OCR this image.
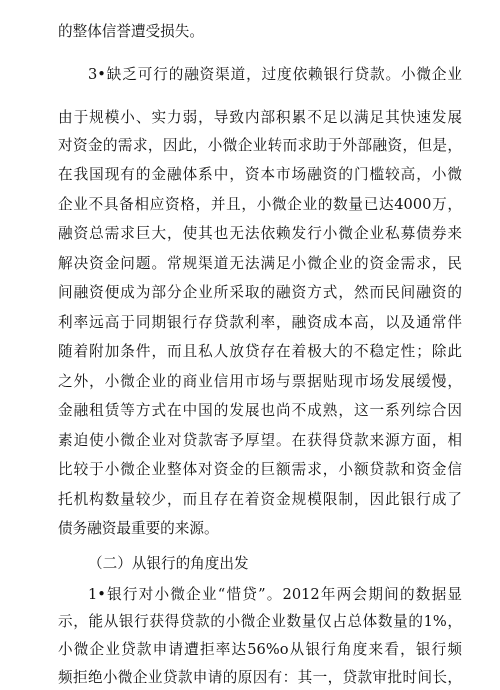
的整体信誉遭受损失。
3•缺乏可行的融资渠道，过度依赖银行贷款。小微企业
由于规模小、实力弱，导致内部积累不足以满足其快速发展
对资金的需求，因此，小微企业转而求助于外部融资，但是，
在我国现有的金融体系中，资本市场融资的门槛较高，小微
企业不具备相应资格，并且，小微企业的数量已达4000万，
融资总需求巨大，使其也无法依赖发行小微企业私募债券来
解决资金问题。常规渠道无法满足小微企业的资金需求，民
间融资便成为部分企业所采取的融资方式，然而民间融资的
利率远高于同期银行存贷款利率，融资成本高，以及通常伴
随着附加条件，而且私人放贷存在着极大的不稳定性；除此
之外，小微企业的商业信用市场与票据贴现市场发展缓慢，
金融租赁等方式在中国的发展也尚不成熟，这一系列综合因
素迫使小微企业对贷款寄予厚望。在获得贷款来源方面，相
比较于小微企业整体对资金的巨额需求，小额贷款和资金信
托机构数量较少，而且存在着资金规模限制，因此银行成了
债务融资最重要的来源。
（二）从银行的角度出发
1•银行对小微企业“惜贷”。2012年两会期间的数据显
示，能从银行获得贷款的小微企业数量仅占总体数量的1%，
小微企业贷款申请遭拒率达56%o从银行角度来看，银行频
频拒绝小微企业贷款申请的原因有：其一，贷款审批时间长，
